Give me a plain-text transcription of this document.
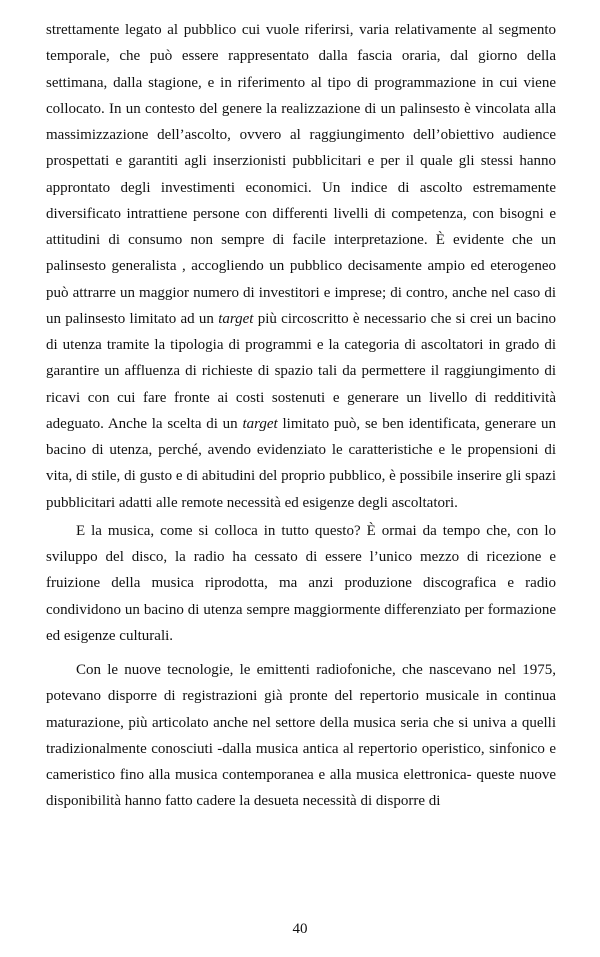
strettamente legato al pubblico cui vuole riferirsi, varia relativamente al segmento temporale, che può essere rappresentato dalla fascia oraria, dal giorno della settimana, dalla stagione, e in riferimento al tipo di programmazione in cui viene collocato. In un contesto del genere la realizzazione di un palinsesto è vincolata alla massimizzazione dell’ascolto, ovvero al raggiungimento dell’obiettivo audience prospettati e garantiti agli inserzionisti pubblicitari e per il quale gli stessi hanno approntato degli investimenti economici. Un indice di ascolto estremamente diversificato intrattiene persone con differenti livelli di competenza, con bisogni e attitudini di consumo non sempre di facile interpretazione. È evidente che un palinsesto generalista , accogliendo un pubblico decisamente ampio ed eterogeneo può attrarre un maggior numero di investitori e imprese; di contro, anche nel caso di un palinsesto limitato ad un target più circoscritto è necessario che si crei un bacino di utenza tramite la tipologia di programmi e la categoria di ascoltatori in grado di garantire un affluenza di richieste di spazio tali da permettere il raggiungimento di ricavi con cui fare fronte ai costi sostenuti e generare un livello di redditività adeguato. Anche la scelta di un target limitato può, se ben identificata, generare un bacino di utenza, perché, avendo evidenziato le caratteristiche e le propensioni di vita, di stile, di gusto e di abitudini del proprio pubblico, è possibile inserire gli spazi pubblicitari adatti alle remote necessità ed esigenze degli ascoltatori.

E la musica, come si colloca in tutto questo? È ormai da tempo che, con lo sviluppo del disco, la radio ha cessato di essere l’unico mezzo di ricezione e fruizione della musica riprodotta, ma anzi produzione discografica e radio condividono un bacino di utenza sempre maggiormente differenziato per formazione ed esigenze culturali.

Con le nuove tecnologie, le emittenti radiofoniche, che nascevano nel 1975, potevano disporre di registrazioni già pronte del repertorio musicale in continua maturazione, più articolato anche nel settore della musica seria che si univa a quelli tradizionalmente conosciuti -dalla musica antica al repertorio operistico, sinfonico e cameristico fino alla musica contemporanea e alla musica elettronica- queste nuove disponibilità hanno fatto cadere la desueta necessità di disporre di

40
